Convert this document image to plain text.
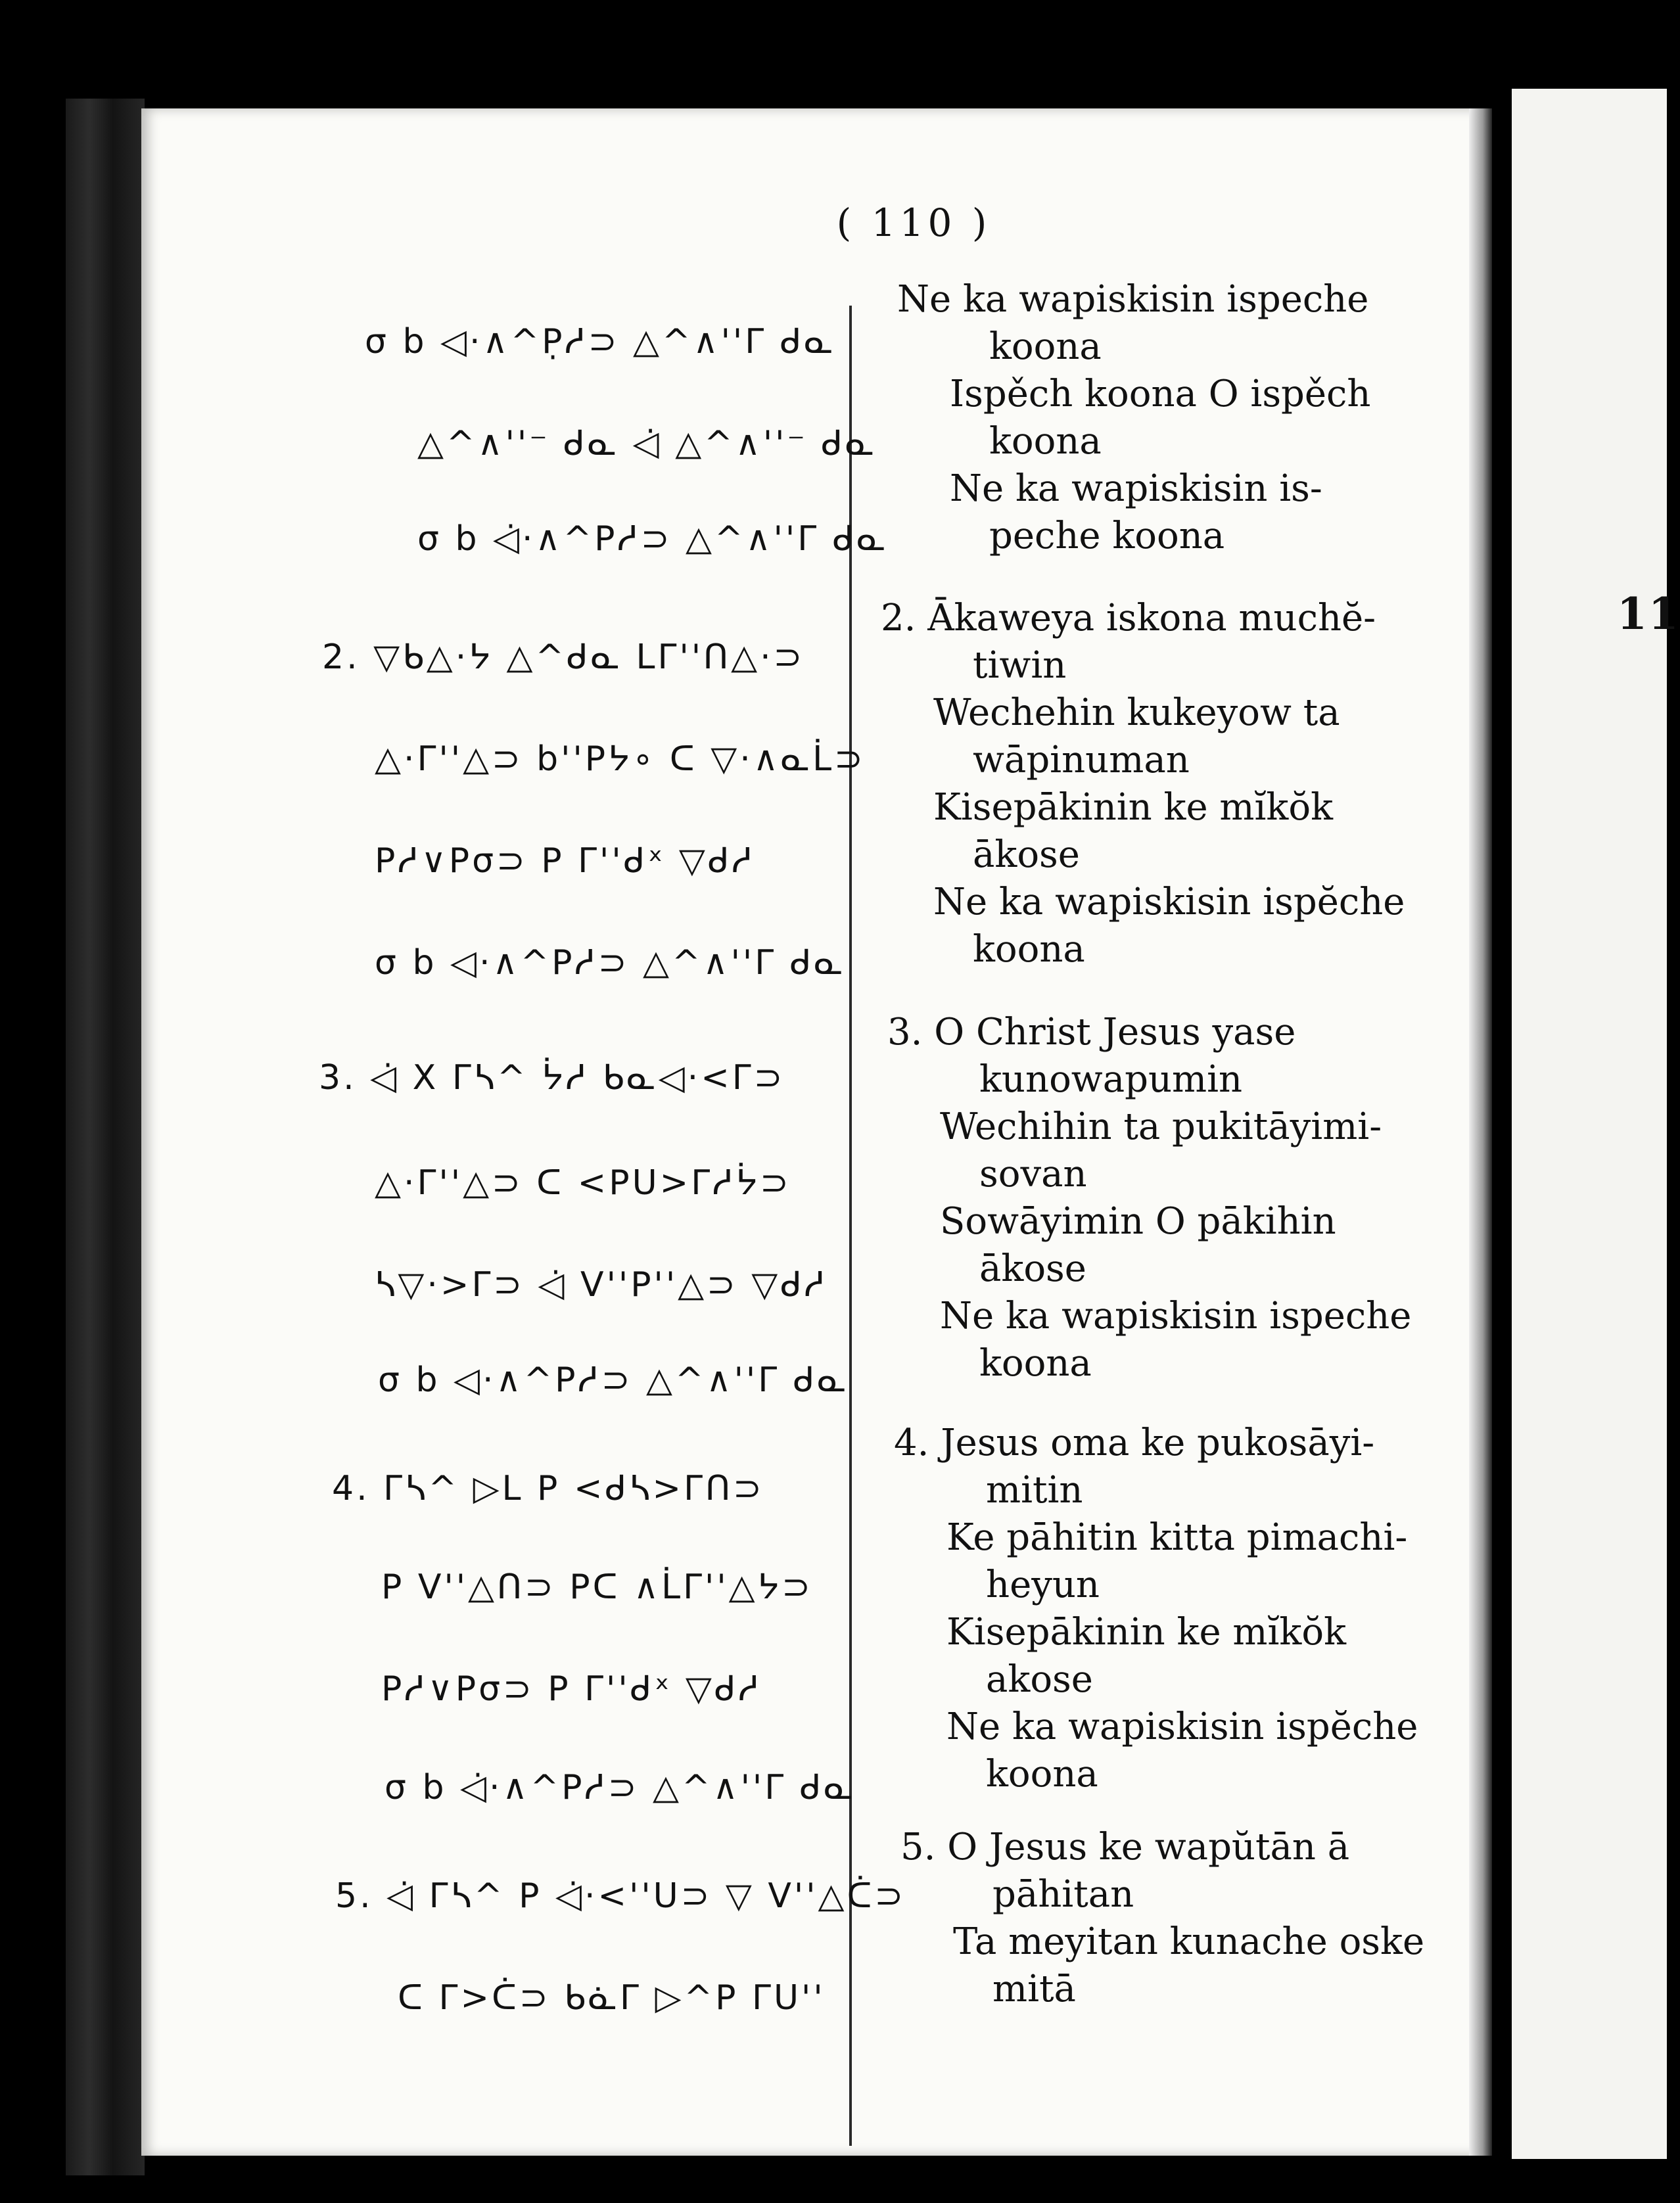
( 110 )
σ b ◁·∧^P̣ᓱ⊃ △^∧''Γ ᑯᓇ
△^∧''⁻ ᑯᓇ ◁̇ △^∧''⁻ ᑯᓇ
σ b ◁̇·∧^Pᓱ⊃ △^∧''Γ ᑯᓇ
2. ▽ᑲ△·ᔭ △^ᑯᓇ ᒪΓ''ᑎ△·⊃
△·Γ''△⊃ b''Pᔭ∘ ᑕ ▽·∧ᓇᒫ⊃
Pᓱ∨Pσ⊃ P Γ''ᑯˣ ▽ᑯᓱ
σ b ◁·∧^Pᓱ⊃ △^∧''Γ ᑯᓇ
3. ◁̇ X Γᓴ^ ᔮᓱ ᑲᓇ◁·<Γ⊃
△·Γ''△⊃ ᑕ <PU>Γᓱᔮ⊃
ᓴ▽·>Γ⊃ ◁̇ V''P''△⊃ ▽ᑯᓱ
σ b ◁·∧^Pᓱ⊃ △^∧''Γ ᑯᓇ
4. Γᓴ^ ▷L P <ᑯᓴ>Γᑎ⊃
P V''△ᑎ⊃ Pᑕ ∧ᒫΓ''△ᔭ⊃
Pᓱ∨Pσ⊃ P Γ''ᑯˣ ▽ᑯᓱ
σ b ◁̇·∧^Pᓱ⊃ △^∧''Γ ᑯᓇ
5. ◁̇ Γᓴ^ P ◁̇·<''U⊃ ▽ V''△ᑖ⊃
ᑕ Γ>ᑖ⊃ ᑲᓈΓ ▷^P ΓU''
Ne ka wapiskisin ispeche
koona
Ispěch koona O ispěch
koona
Ne ka wapiskisin is-
peche koona
2. Ākaweya iskona muchĕ-
tiwin
Wechehin kukeyow ta
wāpinuman
Kisepākinin ke mĭkŏk
ākose
Ne ka wapiskisin ispĕche
koona
3. O Christ Jesus yase
kunowapumin
Wechihin ta pukitāyimi-
sovan
Sowāyimin O pākihin
ākose
Ne ka wapiskisin ispeche
koona
4. Jesus oma ke pukosāyi-
mitin
Ke pāhitin kitta pimachi-
heyun
Kisepākinin ke mĭkŏk
akose
Ne ka wapiskisin ispĕche
koona
5. O Jesus ke wapŭtān ā
pāhitan
Ta meyitan kunache oske
mitā
11
